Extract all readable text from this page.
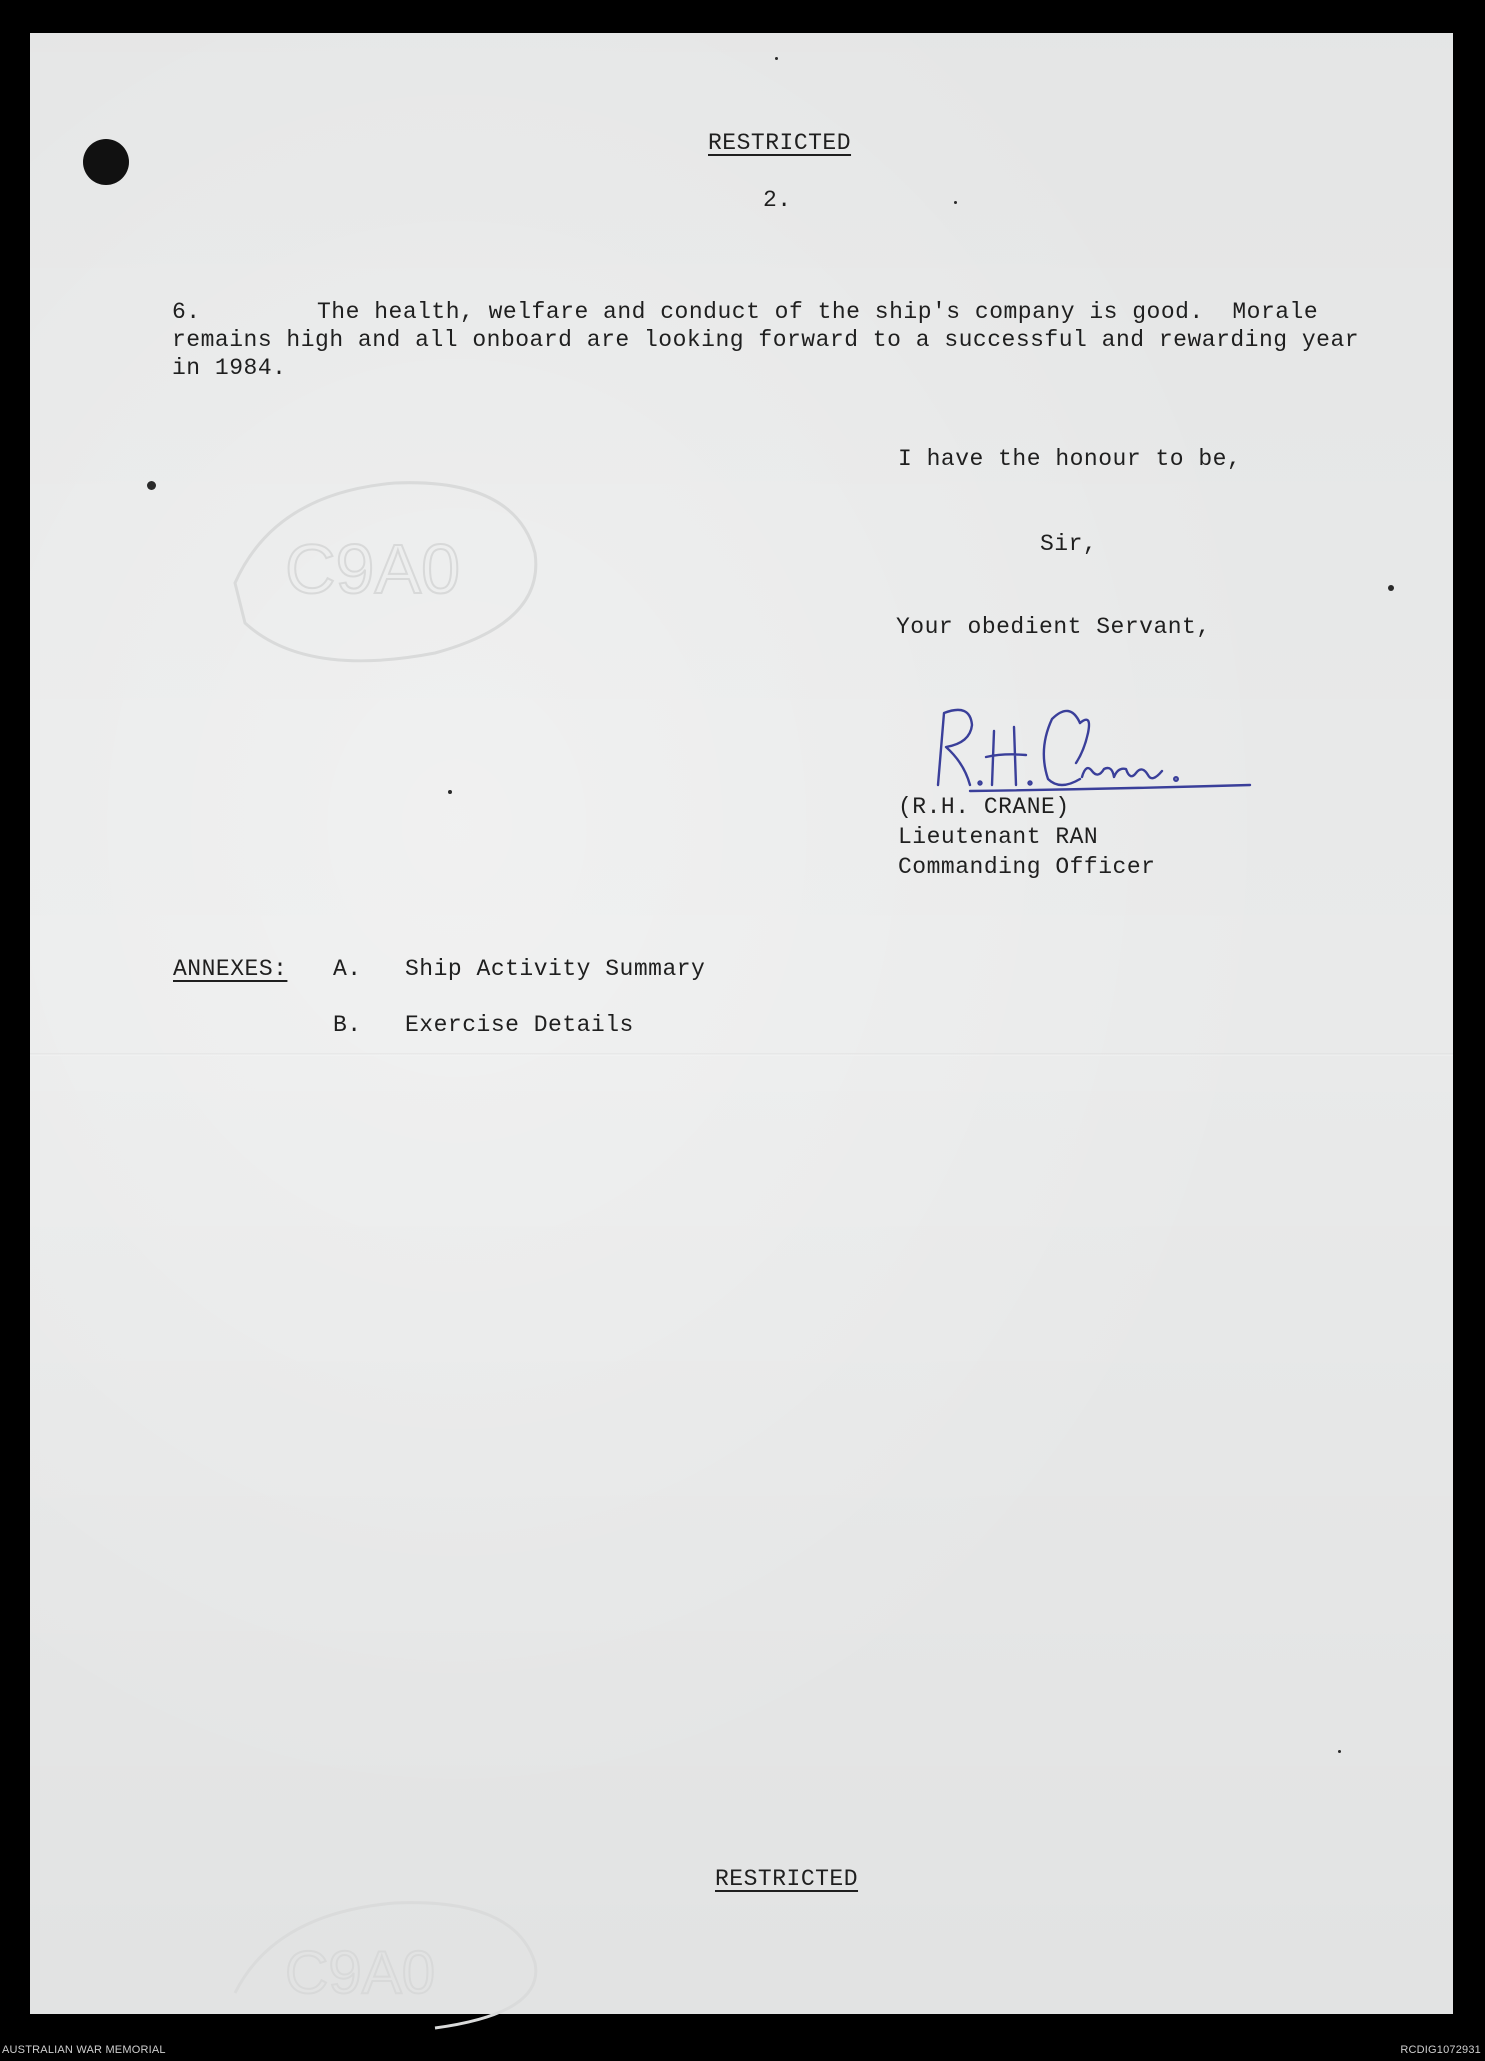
C9A0
C9A0
RESTRICTED
2.
6.	The health, welfare and conduct of the ship's company is good.  Morale
remains high and all onboard are looking forward to a successful and rewarding year
in 1984.
I have the honour to be,
Sir,
Your obedient Servant,
(R.H. CRANE)
Lieutenant RAN
Commanding Officer
ANNEXES: A. Ship Activity Summary
B. Exercise Details
RESTRICTED
AUSTRALIAN WAR MEMORIAL	RCDIG1072931
